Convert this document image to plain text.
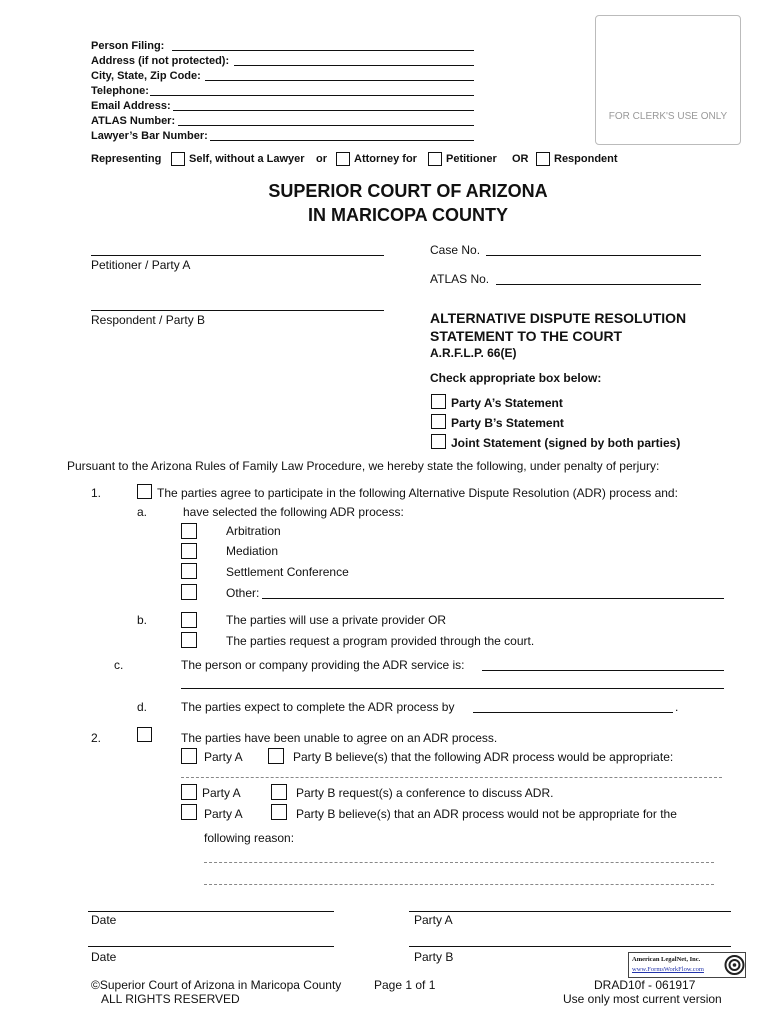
Person Filing:
Address (if not protected):
City, State, Zip Code:
Telephone:
Email Address:
ATLAS Number:
Lawyer’s Bar Number:
FOR CLERK'S USE ONLY
Representing	Self, without a Lawyer or Attorney for	Petitioner OR Respondent
SUPERIOR COURT OF ARIZONA
IN MARICOPA COUNTY
Petitioner / Party A
Respondent / Party B
Case No.
ATLAS No.
ALTERNATIVE DISPUTE RESOLUTION
STATEMENT TO THE COURT
A.R.F.L.P. 66(E)
Check appropriate box below:
Party A’s Statement
Party B’s Statement
Joint Statement (signed by both parties)
Pursuant to the Arizona Rules of Family Law Procedure, we hereby state the following, under penalty of perjury:
1.	The parties agree to participate in the following Alternative Dispute Resolution (ADR) process and:
a.	have selected the following ADR process:
Arbitration
Mediation
Settlement Conference
Other:
b.	The parties will use a private provider OR
The parties request a program provided through the court.
c.	The person or company providing the ADR service is:
d.	The parties expect to complete the ADR process by	.
2.	The parties have been unable to agree on an ADR process.
Party A	Party B believe(s) that the following ADR process would be appropriate:
Party A	Party B request(s) a conference to discuss ADR.
Party A	Party B believe(s) that an ADR process would not be appropriate for the
following reason:
Date	Party A
Date	Party B	American LegalNet, Inc.
www.FormsWorkFlow.com
©Superior Court of Arizona in Maricopa County
ALL RIGHTS RESERVED
Page 1 of 1	DRAD10f - 061917
Use only most current version
